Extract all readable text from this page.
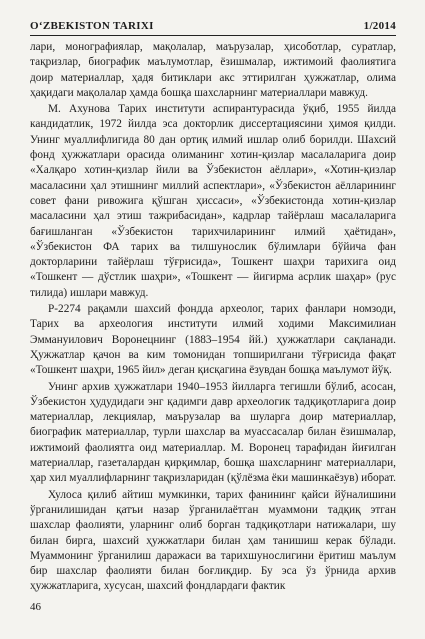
O‘ZBEKISTON TARIXI	1/2014

лари, монографиялар, мақолалар, маърузалар, ҳисоботлар, суратлар, тақризлар, биографик маълумотлар, ёзишмалар, ижтимоий фаолиятига доир материаллар, ҳадя битиклари акс эттирилган ҳужжатлар, олима ҳақидаги мақолалар ҳамда бошқа шахсларнинг материаллари мавжуд.

М. Ахунова Тарих институти аспирантурасида ўқиб, 1955 йилда кандидатлик, 1972 йилда эса докторлик диссертациясини ҳимоя қилди. Унинг муаллифлигида 80 дан ортиқ илмий ишлар олиб борилди. Шахсий фонд ҳужжатлари орасида олиманинг хотин-қизлар масалаларига доир «Халқаро хотин-қизлар йили ва Ўзбекистон аёллари», «Хотин-қизлар масаласини ҳал этишнинг миллий аспектлари», «Ўзбекистон аёлларининг совет фани ривожига қўшган ҳиссаси», «Ўзбекистонда хотин-қизлар масаласини ҳал этиш тажрибасидан», кадрлар тайёрлаш масалаларига бағишланган «Ўзбекистон тарихчиларининг илмий ҳаётидан», «Ўзбекистон ФА тарих ва тилшунослик бўлимлари бўйича фан докторларини тайёрлаш тўғрисида», Тошкент шаҳри тарихига оид «Тошкент — дўстлик шаҳри», «Тошкент — йигирма асрлик шаҳар» (рус тилида) ишлари мавжуд.

Р-2274 рақамли шахсий фондда археолог, тарих фанлари номзоди, Тарих ва археология институти илмий ходими Максимилиан Эммануилович Воронецнинг (1883–1954 йй.) ҳужжатлари сақланади. Ҳужжатлар қачон ва ким томонидан топширилгани тўғрисида фақат «Тошкент шаҳри, 1965 йил» деган қисқагина ёзувдан бошқа маълумот йўқ.

Унинг архив ҳужжатлари 1940–1953 йилларга тегишли бўлиб, асосан, Ўзбекистон ҳудудидаги энг қадимги давр археологик тадқиқотларига доир материаллар, лекциялар, маърузалар ва шуларга доир материаллар, биографик материаллар, турли шахслар ва муассасалар билан ёзишмалар, ижтимоий фаолиятга оид материаллар. М. Воронец тарафидан йиғилган материаллар, газеталардан қирқимлар, бошқа шахсларнинг материаллари, ҳар хил муаллифларнинг тақризларидан (қўлёзма ёки машинкаёзув) иборат.

Хулоса қилиб айтиш мумкинки, тарих фанининг қайси йўналишини ўрганилишидан қатъи назар ўрганилаётган муаммони тадқиқ этган шахслар фаолияти, уларнинг олиб борган тадқиқотлари натижалари, шу билан бирга, шахсий ҳужжатлари билан ҳам танишиш керак бўлади. Муаммонинг ўрганилиш даражаси ва тарихшунослигини ёритиш маълум бир шахслар фаолияти билан боғлиқдир. Бу эса ўз ўрнида архив ҳужжатларига, хусусан, шахсий фондлардаги фактик

46
